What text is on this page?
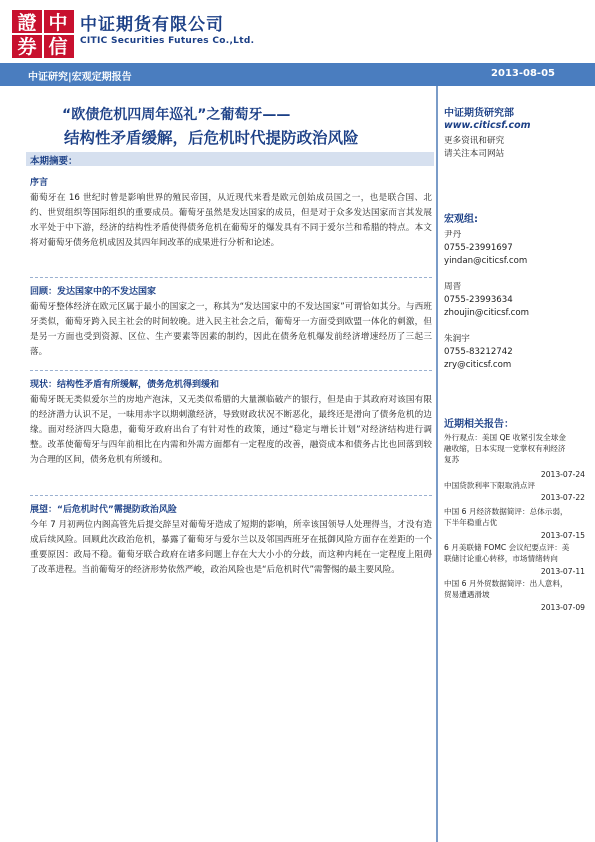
中
證
信
券
中证期货有限公司
CITIC Securities Futures Co.,Ltd.
中证研究|宏观定期报告	2013-08-05
“欧债危机四周年巡礼”之葡萄牙——
结构性矛盾缓解，后危机时代提防政治风险
本期摘要：
序言
葡萄牙在 16 世纪时曾是影响世界的殖民帝国，从近现代来看是欧元创始成员国之一，也是联合国、北约、世贸组织等国际组织的重要成员。葡萄牙虽然是发达国家的成员，但是对于众多发达国家而言其发展水平处于中下游，经济的结构性矛盾使得债务危机在葡萄牙的爆发具有不同于爱尔兰和希腊的特点。本文将对葡萄牙债务危机成因及其四年间改革的成果进行分析和论述。
回顾：发达国家中的不发达国家
葡萄牙整体经济在欧元区属于最小的国家之一，称其为“发达国家中的不发达国家”可谓恰如其分。与西班牙类似，葡萄牙跨入民主社会的时间较晚。进入民主社会之后，葡萄牙一方面受到欧盟一体化的刺激，但是另一方面也受到资源、区位、生产要素等因素的制约，因此在债务危机爆发前经济增速经历了三起三落。
现状：结构性矛盾有所缓解，债务危机得到缓和
葡萄牙既无类似爱尔兰的房地产泡沫，又无类似希腊的大量濒临破产的银行，但是由于其政府对该国有限的经济潜力认识不足，一味用赤字以期刺激经济，导致财政状况不断恶化，最终还是滑向了债务危机的边缘。面对经济四大隐患，葡萄牙政府出台了有针对性的政策，通过“稳定与增长计划”对经济结构进行调整。改革使葡萄牙与四年前相比在内需和外需方面都有一定程度的改善，融资成本和债务占比也回落到较为合理的区间，债务危机有所缓和。
展望：“后危机时代”需提防政治风险
今年 7 月初两位内阁高管先后提交辞呈对葡萄牙造成了短期的影响，所幸该国领导人处理得当，才没有造成后续风险。回顾此次政治危机，暴露了葡萄牙与爱尔兰以及邻国西班牙在抵御风险方面存在差距的一个重要原因：政局不稳。葡萄牙联合政府在诸多问题上存在大大小小的分歧，而这种内耗在一定程度上阻碍了改革进程。当前葡萄牙的经济形势依然严峻，政治风险也是“后危机时代”需警惕的最主要风险。
中证期货研究部
www.citicsf.com
更多资讯和研究
请关注本司网站
宏观组:
尹丹
0755-23991697
yindan@citicsf.com
周晋
0755-23993634
zhoujin@citicsf.com
朱润宇
0755-83212742
zry@citicsf.com
近期相关报告：
外行观点：美国 QE 收紧引发全球金
融收缩，日本实现一党掌权有利经济
复苏
2013-07-24
中国贷款利率下限取消点评
2013-07-22
中国 6 月经济数据简评：总体示弱，
下半年稳重占优
2013-07-15
6 月美联储 FOMC 会议纪要点评：美
联储讨论重心转移，市场情绪转向
2013-07-11
中国 6 月外贸数据简评：出人意料，
贸易遭遇滑坡
2013-07-09
